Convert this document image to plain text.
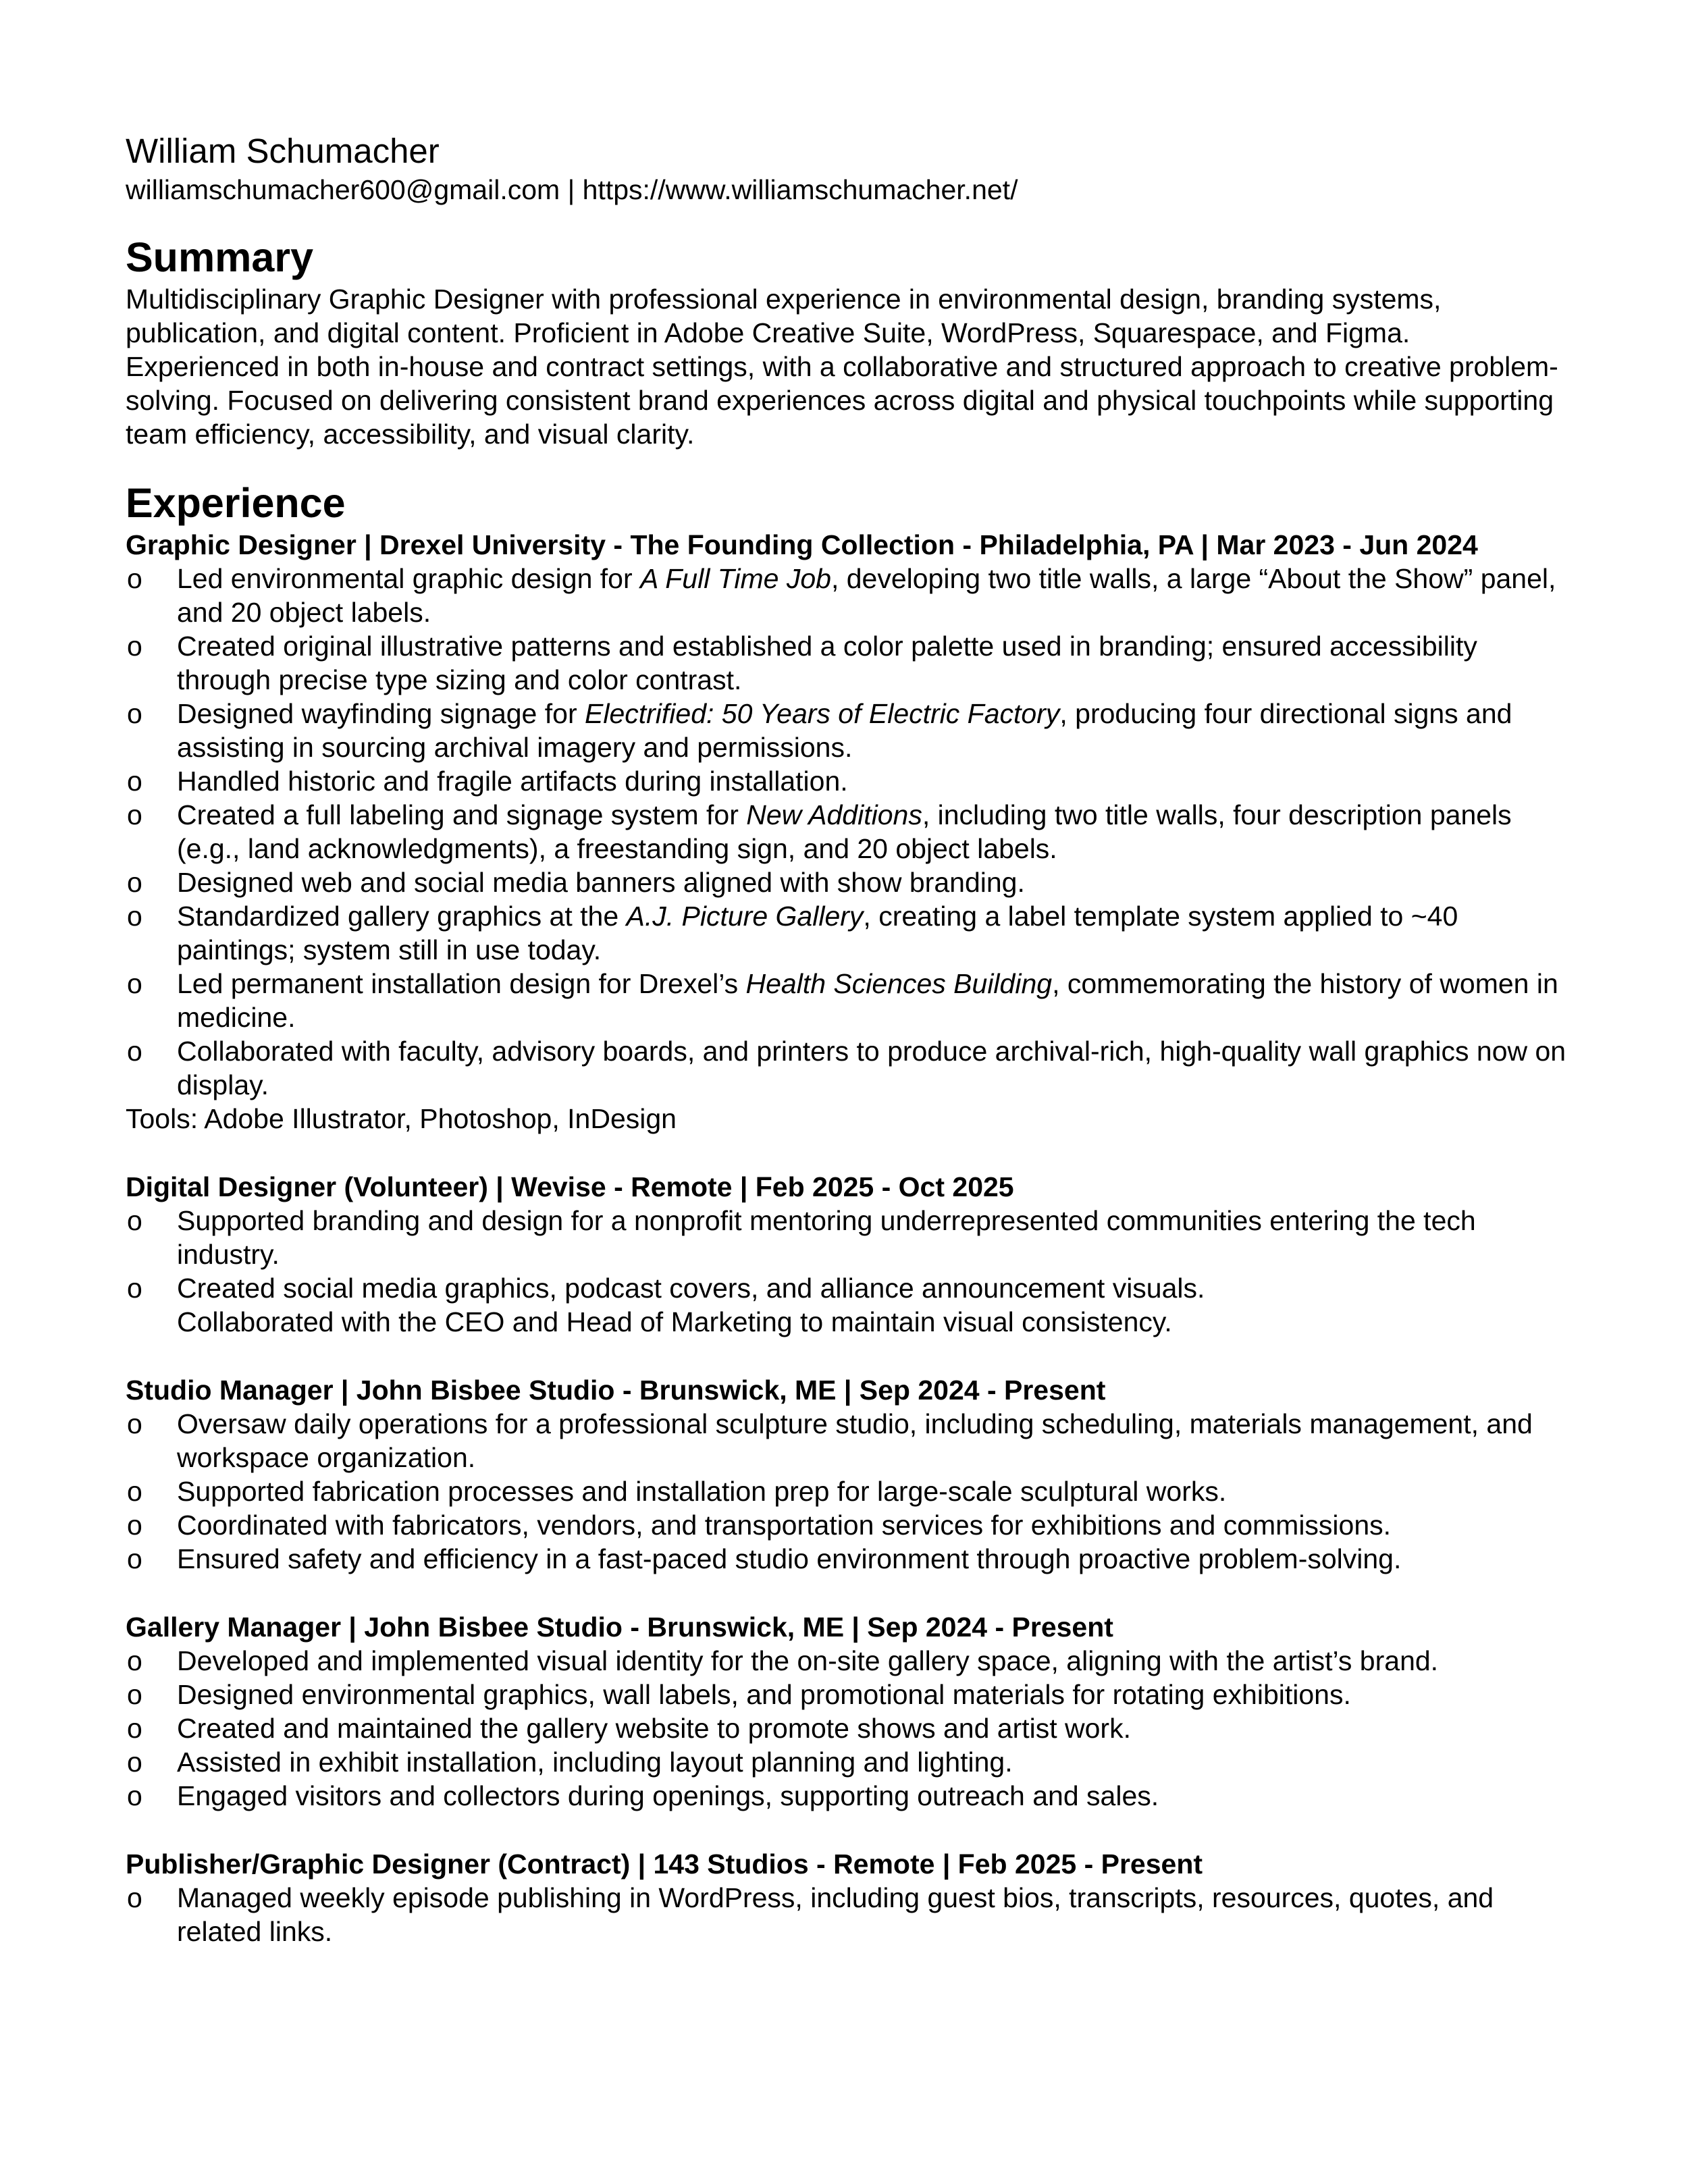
William Schumacher

williamschumacher600@gmail.com | https://www.williamschumacher.net/

Summary

Multidisciplinary Graphic Designer with professional experience in environmental design, branding systems, publication, and digital content. Proficient in Adobe Creative Suite, WordPress, Squarespace, and Figma. Experienced in both in-house and contract settings, with a collaborative and structured approach to creative problem-solving. Focused on delivering consistent brand experiences across digital and physical touchpoints while supporting team efficiency, accessibility, and visual clarity.

Experience

Graphic Designer | Drexel University - The Founding Collection - Philadelphia, PA | Mar 2023 - Jun 2024

o Led environmental graphic design for A Full Time Job, developing two title walls, a large “About the Show” panel, and 20 object labels.
o Created original illustrative patterns and established a color palette used in branding; ensured accessibility through precise type sizing and color contrast.
o Designed wayfinding signage for Electrified: 50 Years of Electric Factory, producing four directional signs and assisting in sourcing archival imagery and permissions.
o Handled historic and fragile artifacts during installation.
o Created a full labeling and signage system for New Additions, including two title walls, four description panels (e.g., land acknowledgments), a freestanding sign, and 20 object labels.
o Designed web and social media banners aligned with show branding.
o Standardized gallery graphics at the A.J. Picture Gallery, creating a label template system applied to ~40 paintings; system still in use today.
o Led permanent installation design for Drexel’s Health Sciences Building, commemorating the history of women in medicine.
o Collaborated with faculty, advisory boards, and printers to produce archival-rich, high-quality wall graphics now on display.

Tools: Adobe Illustrator, Photoshop, InDesign

Digital Designer (Volunteer) | Wevise - Remote | Feb 2025 - Oct 2025

o Supported branding and design for a nonprofit mentoring underrepresented communities entering the tech industry.
o Created social media graphics, podcast covers, and alliance announcement visuals.
Collaborated with the CEO and Head of Marketing to maintain visual consistency.

Studio Manager | John Bisbee Studio - Brunswick, ME | Sep 2024 - Present

o Oversaw daily operations for a professional sculpture studio, including scheduling, materials management, and workspace organization.
o Supported fabrication processes and installation prep for large-scale sculptural works.
o Coordinated with fabricators, vendors, and transportation services for exhibitions and commissions.
o Ensured safety and efficiency in a fast-paced studio environment through proactive problem-solving.

Gallery Manager | John Bisbee Studio - Brunswick, ME | Sep 2024 - Present

o Developed and implemented visual identity for the on-site gallery space, aligning with the artist’s brand.
o Designed environmental graphics, wall labels, and promotional materials for rotating exhibitions.
o Created and maintained the gallery website to promote shows and artist work.
o Assisted in exhibit installation, including layout planning and lighting.
o Engaged visitors and collectors during openings, supporting outreach and sales.

Publisher/Graphic Designer (Contract) | 143 Studios - Remote | Feb 2025 - Present

o Managed weekly episode publishing in WordPress, including guest bios, transcripts, resources, quotes, and related links.
